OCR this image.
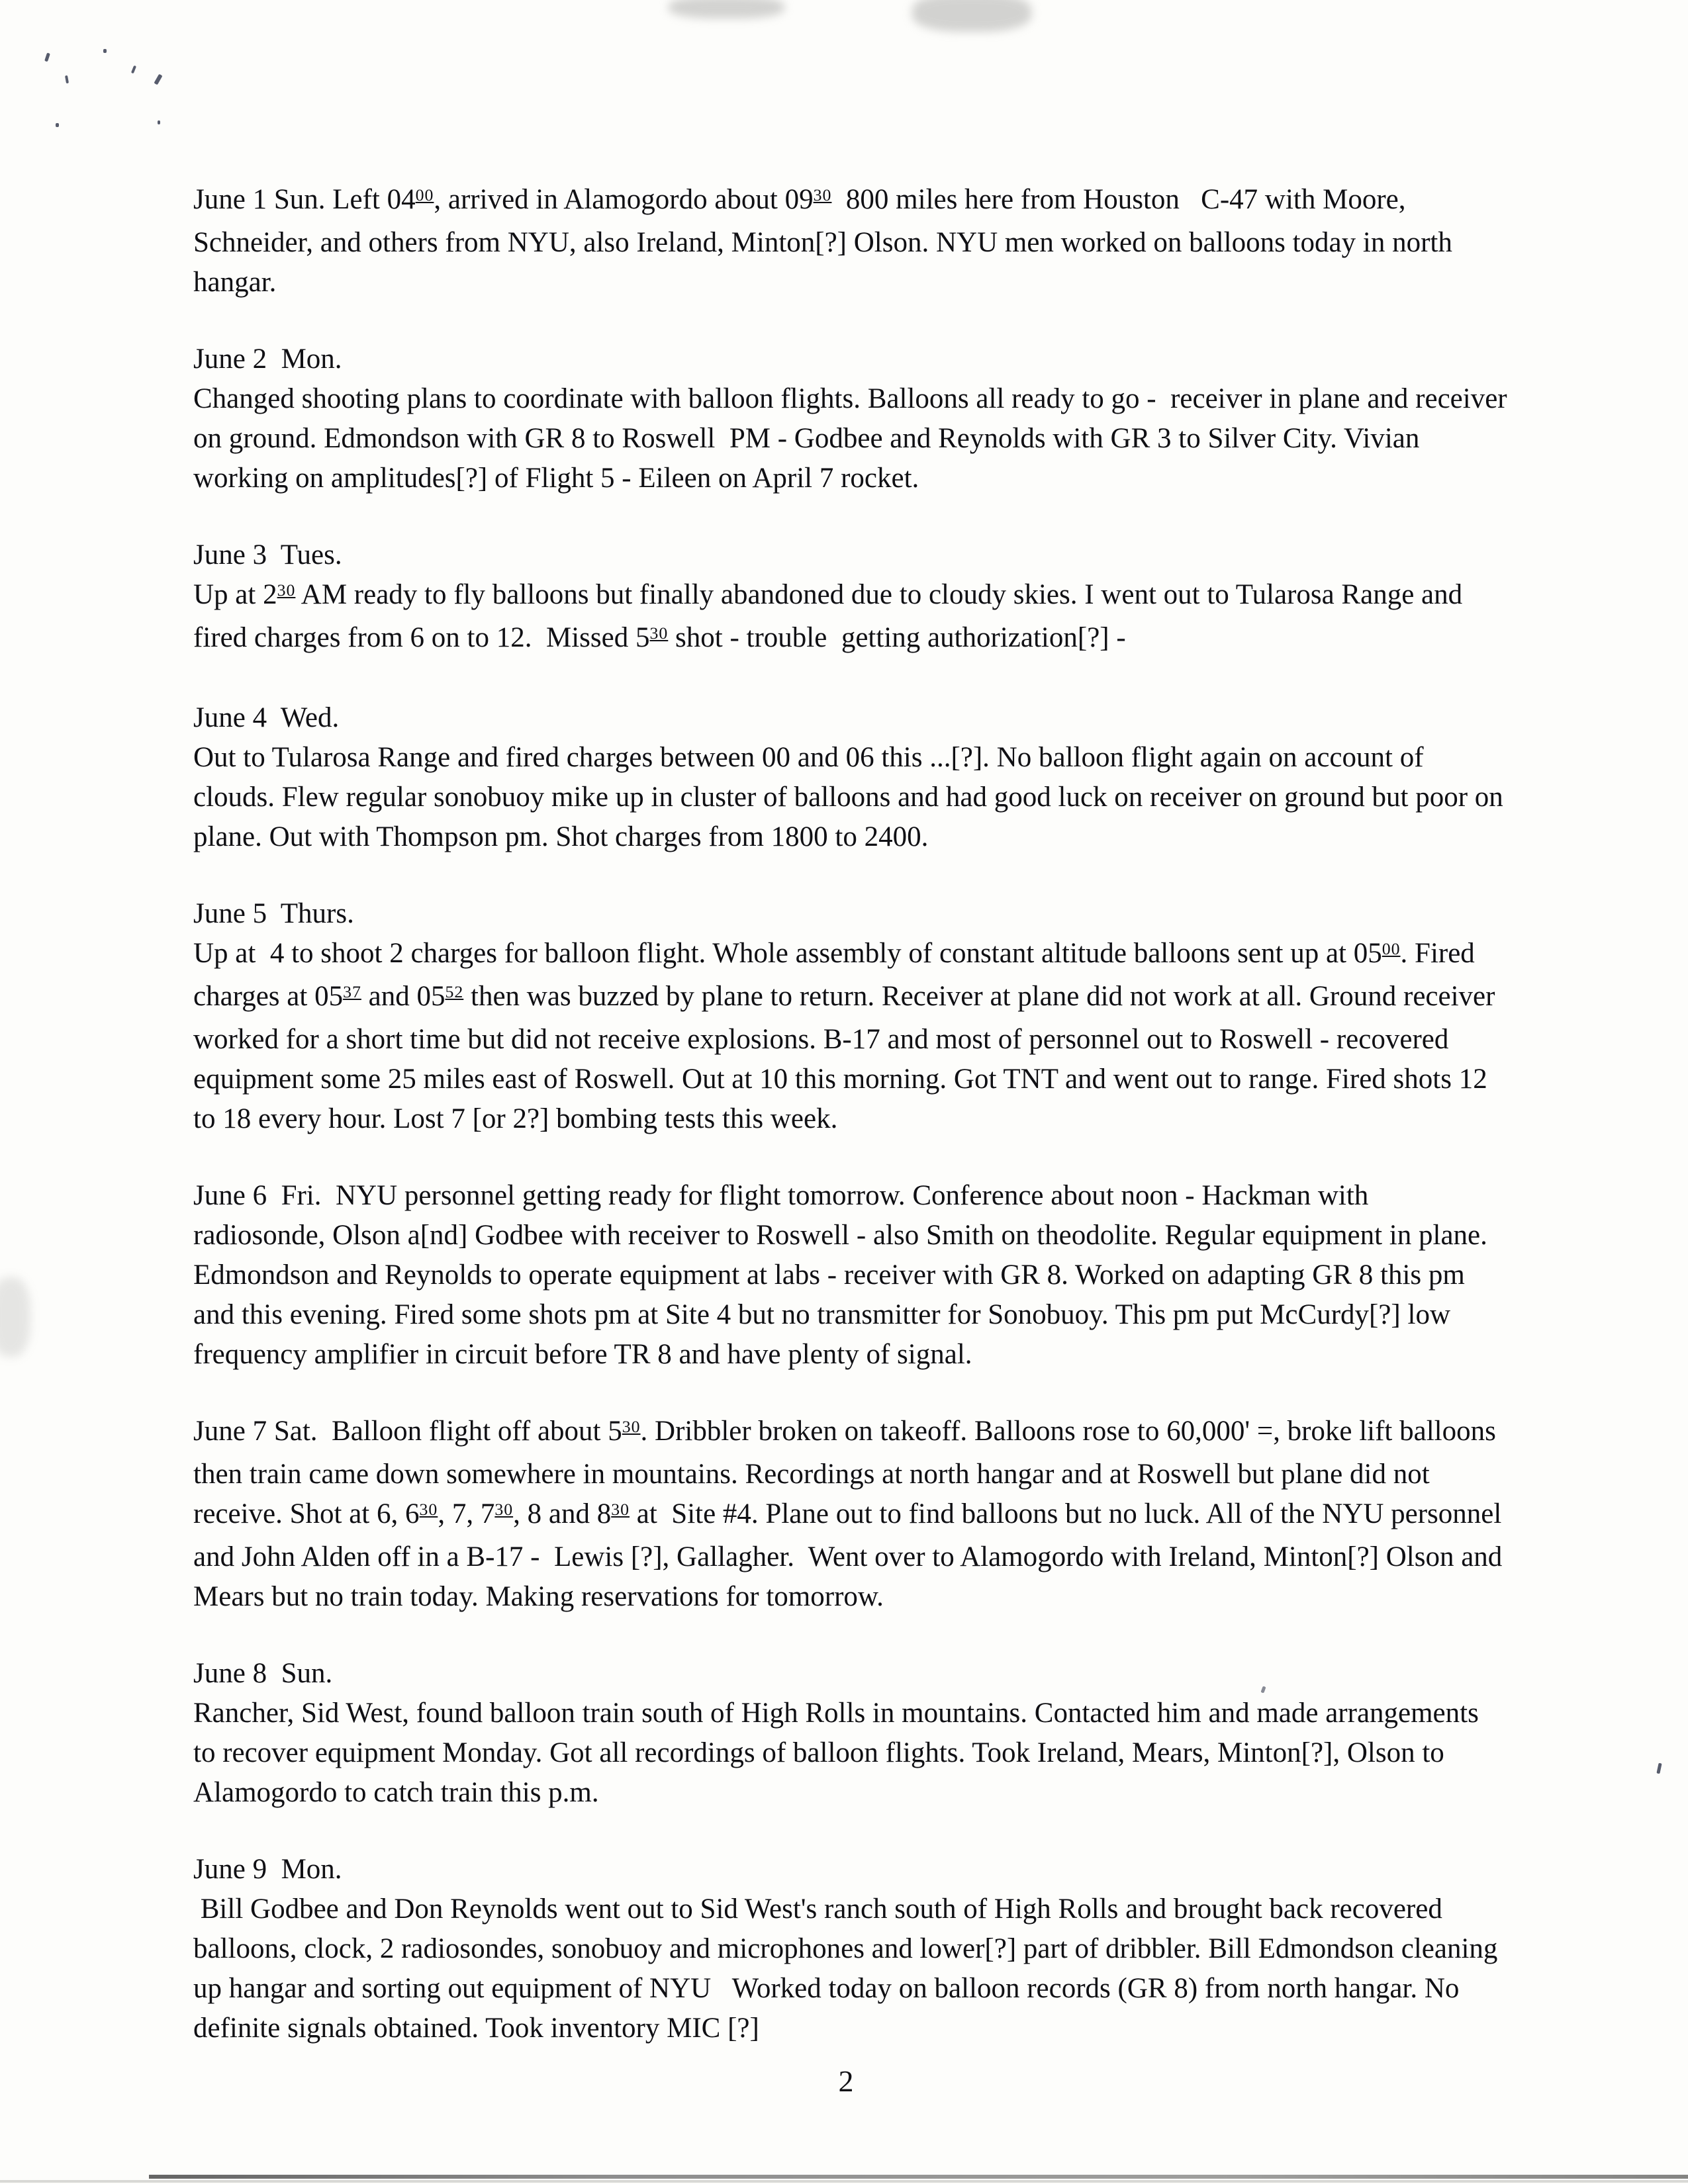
June 1 Sun. Left $04^{00}$, arrived in Alamogordo about $09^{30}$  800 miles here from Houston   C-47 with Moore, Schneider, and others from NYU, also Ireland, Minton[?] Olson. NYU men worked on balloons today in north hangar.
June 2  Mon.
Changed shooting plans to coordinate with balloon flights. Balloons all ready to go -  receiver in plane and receiver on ground. Edmondson with GR 8 to Roswell  PM - Godbee and Reynolds with GR 3 to Silver City. Vivian working on amplitudes[?] of Flight 5 - Eileen on April 7 rocket.
June 3  Tues.
Up at $2^{30}$ AM ready to fly balloons but finally abandoned due to cloudy skies. I went out to Tularosa Range and fired charges from 6 on to 12.  Missed $5^{30}$ shot - trouble  getting authorization[?] -
June 4  Wed.
Out to Tularosa Range and fired charges between 00 and 06 this ...[?]. No balloon flight again on account of clouds. Flew regular sonobuoy mike up in cluster of balloons and had good luck on receiver on ground but poor on plane. Out with Thompson pm. Shot charges from 1800 to 2400.
June 5  Thurs.
Up at  4 to shoot 2 charges for balloon flight. Whole assembly of constant altitude balloons sent up at $05^{00}$. Fired charges at $05^{37}$ and $05^{52}$ then was buzzed by plane to return. Receiver at plane did not work at all. Ground receiver worked for a short time but did not receive explosions. B-17 and most of personnel out to Roswell - recovered equipment some 25 miles east of Roswell. Out at 10 this morning. Got TNT and went out to range. Fired shots 12 to 18 every hour. Lost 7 [or 2?] bombing tests this week.
June 6  Fri.  NYU personnel getting ready for flight tomorrow. Conference about noon - Hackman with radiosonde, Olson a[nd] Godbee with receiver to Roswell - also Smith on theodolite. Regular equipment in plane. Edmondson and Reynolds to operate equipment at labs - receiver with GR 8. Worked on adapting GR 8 this pm and this evening. Fired some shots pm at Site 4 but no transmitter for Sonobuoy. This pm put McCurdy[?] low frequency amplifier in circuit before TR 8 and have plenty of signal.
June 7 Sat.  Balloon flight off about $5^{30}$. Dribbler broken on takeoff. Balloons rose to 60,000' =, broke lift balloons then train came down somewhere in mountains. Recordings at north hangar and at Roswell but plane did not receive. Shot at 6, $6^{30}$, 7, $7^{30}$, 8 and $8^{30}$ at  Site #4. Plane out to find balloons but no luck. All of the NYU personnel and John Alden off in a B-17 -  Lewis [?], Gallagher.  Went over to Alamogordo with Ireland, Minton[?] Olson and Mears but no train today. Making reservations for tomorrow.
June 8  Sun.
Rancher, Sid West, found balloon train south of High Rolls in mountains. Contacted him and made arrangements to recover equipment Monday. Got all recordings of balloon flights. Took Ireland, Mears, Minton[?], Olson to Alamogordo to catch train this p.m.
June 9  Mon.
Bill Godbee and Don Reynolds went out to Sid West's ranch south of High Rolls and brought back recovered balloons, clock, 2 radiosondes, sonobuoy and microphones and lower[?] part of dribbler. Bill Edmondson cleaning up hangar and sorting out equipment of NYU   Worked today on balloon records (GR 8) from north hangar. No definite signals obtained. Took inventory MIC [?]
2
